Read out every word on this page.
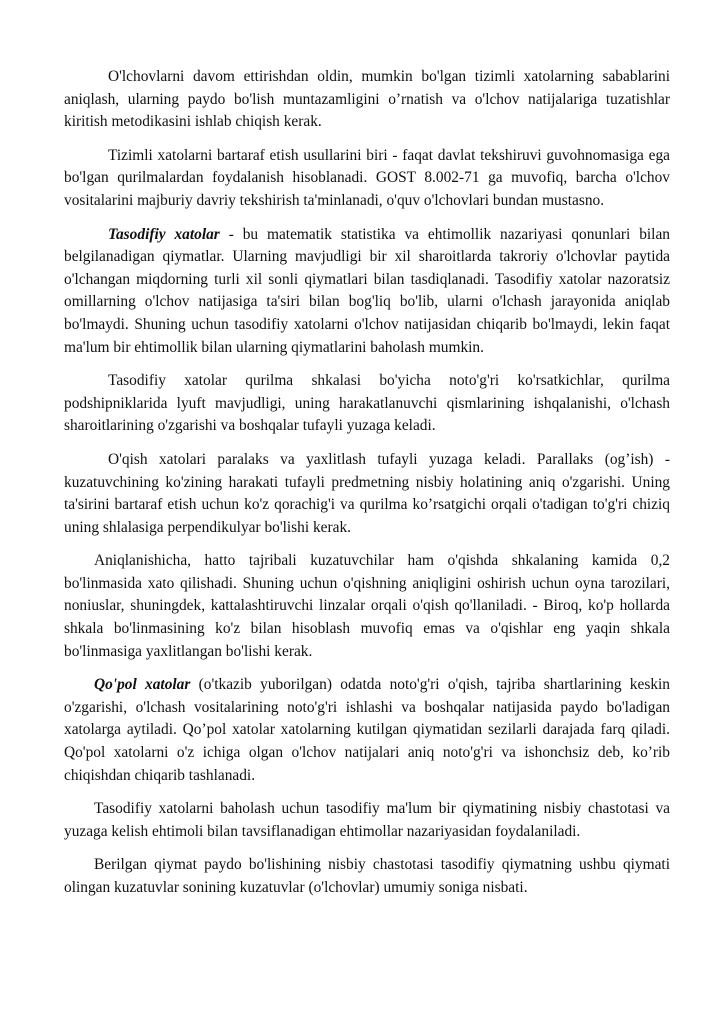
O'lchovlarni davom ettirishdan oldin, mumkin bo'lgan tizimli xatolarning sabablarini aniqlash, ularning paydo bo'lish muntazamligini o’rnatish va o'lchov natijalariga tuzatishlar kiritish metodikasini ishlab chiqish kerak.

Tizimli xatolarni bartaraf etish usullarini biri - faqat davlat tekshiruvi guvohnomasiga ega bo'lgan qurilmalardan foydalanish hisoblanadi. GOST 8.002-71 ga muvofiq, barcha o'lchov vositalarini majburiy davriy tekshirish ta'minlanadi, o'quv o'lchovlari bundan mustasno.

Tasodifiy xatolar - bu matematik statistika va ehtimollik nazariyasi qonunlari bilan belgilanadigan qiymatlar. Ularning mavjudligi bir xil sharoitlarda takroriy o'lchovlar paytida o'lchangan miqdorning turli xil sonli qiymatlari bilan tasdiqlanadi. Tasodifiy xatolar nazoratsiz omillarning o'lchov natijasiga ta'siri bilan bog'liq bo'lib, ularni o'lchash jarayonida aniqlab bo'lmaydi. Shuning uchun tasodifiy xatolarni o'lchov natijasidan chiqarib bo'lmaydi, lekin faqat ma'lum bir ehtimollik bilan ularning qiymatlarini baholash mumkin.

Tasodifiy xatolar qurilma shkalasi bo'yicha noto'g'ri ko'rsatkichlar, qurilma podshipniklarida lyuft mavjudligi, uning harakatlanuvchi qismlarining ishqalanishi, o'lchash sharoitlarining o'zgarishi va boshqalar tufayli yuzaga keladi.

O'qish xatolari paralaks va yaxlitlash tufayli yuzaga keladi. Parallaks (og’ish) - kuzatuvchining ko'zining harakati tufayli predmetning nisbiy holatining aniq o'zgarishi. Uning ta'sirini bartaraf etish uchun ko'z qorachig'i va qurilma ko’rsatgichi orqali o'tadigan to'g'ri chiziq uning shlalasiga perpendikulyar bo'lishi kerak.

Aniqlanishicha, hatto tajribali kuzatuvchilar ham o'qishda shkalaning kamida 0,2 bo'linmasida xato qilishadi. Shuning uchun o'qishning aniqligini oshirish uchun oyna tarozilari, noniuslar, shuningdek, kattalashtiruvchi linzalar orqali o'qish qo'llaniladi. - Biroq, ko'p hollarda shkala bo'linmasining ko'z bilan hisoblash muvofiq emas va o'qishlar eng yaqin shkala bo'linmasiga yaxlitlangan bo'lishi kerak.

Qo'pol xatolar (o'tkazib yuborilgan) odatda noto'g'ri o'qish, tajriba shartlarining keskin o'zgarishi, o'lchash vositalarining noto'g'ri ishlashi va boshqalar natijasida paydo bo'ladigan xatolarga aytiladi. Qo’pol xatolar xatolarning kutilgan qiymatidan sezilarli darajada farq qiladi. Qo'pol xatolarni o'z ichiga olgan o'lchov natijalari aniq noto'g'ri va ishonchsiz deb, ko’rib chiqishdan chiqarib tashlanadi.

Tasodifiy xatolarni baholash uchun tasodifiy ma'lum bir qiymatining nisbiy chastotasi va yuzaga kelish ehtimoli bilan tavsiflanadigan ehtimollar nazariyasidan foydalaniladi.

Berilgan qiymat paydo bo'lishining nisbiy chastotasi tasodifiy qiymatning ushbu qiymati olingan kuzatuvlar sonining kuzatuvlar (o'lchovlar) umumiy soniga nisbati.
